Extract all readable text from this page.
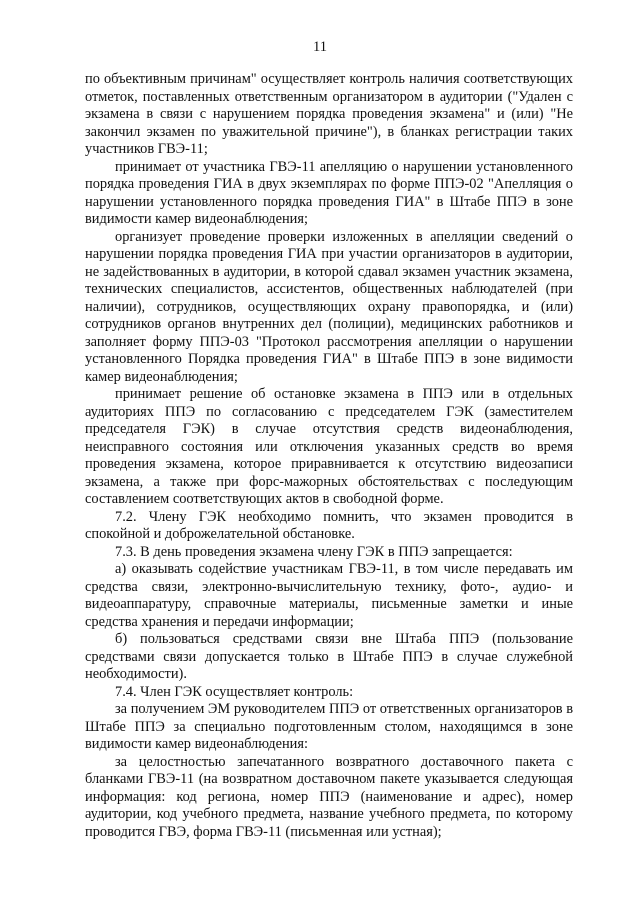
11

по объективным причинам" осуществляет контроль наличия соответствующих отметок, поставленных ответственным организатором в аудитории ("Удален с экзамена в связи с нарушением порядка проведения экзамена" и (или) "Не закончил экзамен по уважительной причине"), в бланках регистрации таких участников ГВЭ-11;

принимает от участника ГВЭ-11 апелляцию о нарушении установленного порядка проведения ГИА в двух экземплярах по форме ППЭ-02 "Апелляция о нарушении установленного порядка проведения ГИА" в Штабе ППЭ в зоне видимости камер видеонаблюдения;

организует проведение проверки изложенных в апелляции сведений о нарушении порядка проведения ГИА при участии организаторов в аудитории, не задействованных в аудитории, в которой сдавал экзамен участник экзамена, технических специалистов, ассистентов, общественных наблюдателей (при наличии), сотрудников, осуществляющих охрану правопорядка, и (или) сотрудников органов внутренних дел (полиции), медицинских работников и заполняет форму ППЭ-03 "Протокол рассмотрения апелляции о нарушении установленного Порядка проведения ГИА" в Штабе ППЭ в зоне видимости камер видеонаблюдения;

принимает решение об остановке экзамена в ППЭ или в отдельных аудиториях ППЭ по согласованию с председателем ГЭК (заместителем председателя ГЭК) в случае отсутствия средств видеонаблюдения, неисправного состояния или отключения указанных средств во время проведения экзамена, которое приравнивается к отсутствию видеозаписи экзамена, а также при форс-мажорных обстоятельствах с последующим составлением соответствующих актов в свободной форме.

7.2. Члену ГЭК необходимо помнить, что экзамен проводится в спокойной и доброжелательной обстановке.

7.3. В день проведения экзамена члену ГЭК в ППЭ запрещается:

а) оказывать содействие участникам ГВЭ-11, в том числе передавать им средства связи, электронно-вычислительную технику, фото-, аудио- и видеоаппаратуру, справочные материалы, письменные заметки и иные средства хранения и передачи информации;

б) пользоваться средствами связи вне Штаба ППЭ (пользование средствами связи допускается только в Штабе ППЭ в случае служебной необходимости).

7.4. Член ГЭК осуществляет контроль:

за получением ЭМ руководителем ППЭ от ответственных организаторов в Штабе ППЭ за специально подготовленным столом, находящимся в зоне видимости камер видеонаблюдения:

за целостностью запечатанного возвратного доставочного пакета с бланками ГВЭ-11 (на возвратном доставочном пакете указывается следующая информация: код региона, номер ППЭ (наименование и адрес), номер аудитории, код учебного предмета, название учебного предмета, по которому проводится ГВЭ, форма ГВЭ-11 (письменная или устная);
